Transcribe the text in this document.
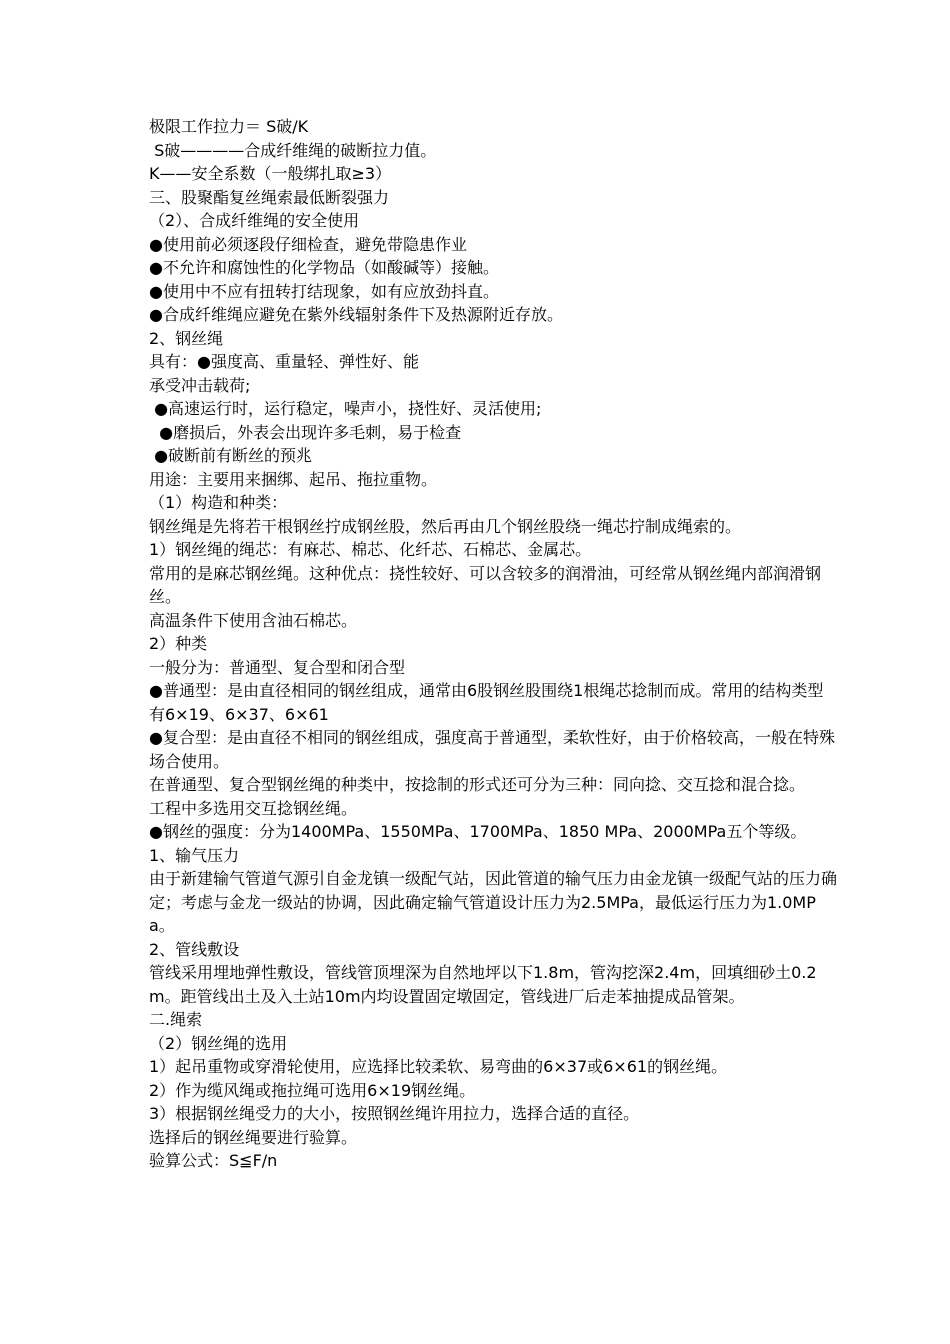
极限工作拉力＝ S破/K
S破————合成纤维绳的破断拉力值。
K——安全系数（一般绑扎取≥3）
三、股聚酯复丝绳索最低断裂强力
（2）、合成纤维绳的安全使用
●使用前必须逐段仔细检查，避免带隐患作业
●不允许和腐蚀性的化学物品（如酸碱等）接触。
●使用中不应有扭转打结现象，如有应放劲抖直。
●合成纤维绳应避免在紫外线辐射条件下及热源附近存放。
2、钢丝绳
具有：●强度高、重量轻、弹性好、能
承受冲击载荷;
●高速运行时，运行稳定，噪声小，挠性好、灵活使用;
●磨损后，外表会出现许多毛刺，易于检查
●破断前有断丝的预兆
用途：主要用来捆绑、起吊、拖拉重物。
（1）构造和种类：
钢丝绳是先将若干根钢丝拧成钢丝股，然后再由几个钢丝股绕一绳芯拧制成绳索的。
1）钢丝绳的绳芯：有麻芯、棉芯、化纤芯、石棉芯、金属芯。
常用的是麻芯钢丝绳。这种优点：挠性较好、可以含较多的润滑油，可经常从钢丝绳内部润滑钢丝。
高温条件下使用含油石棉芯。
2）种类
一般分为：普通型、复合型和闭合型
●普通型：是由直径相同的钢丝组成，通常由6股钢丝股围绕1根绳芯捻制而成。常用的结构类型有6×19、6×37、6×61
●复合型：是由直径不相同的钢丝组成，强度高于普通型，柔软性好，由于价格较高，一般在特殊场合使用。
在普通型、复合型钢丝绳的种类中，按捻制的形式还可分为三种：同向捻、交互捻和混合捻。
工程中多选用交互捻钢丝绳。
●钢丝的强度：分为1400MPa、1550MPa、1700MPa、1850 MPa、2000MPa五个等级。
1、输气压力
由于新建输气管道气源引自金龙镇一级配气站，因此管道的输气压力由金龙镇一级配气站的压力确定；考虑与金龙一级站的协调，因此确定输气管道设计压力为2.5MPa，最低运行压力为1.0MPa。
2、管线敷设
管线采用埋地弹性敷设，管线管顶埋深为自然地坪以下1.8m，管沟挖深2.4m，回填细砂土0.2m。距管线出土及入土站10m内均设置固定墩固定，管线进厂后走苯抽提成品管架。
二.绳索
（2）钢丝绳的选用
1）起吊重物或穿滑轮使用，应选择比较柔软、易弯曲的6×37或6×61的钢丝绳。
2）作为缆风绳或拖拉绳可选用6×19钢丝绳。
3）根据钢丝绳受力的大小，按照钢丝绳许用拉力，选择合适的直径。
选择后的钢丝绳要进行验算。
验算公式：S≦F/n
